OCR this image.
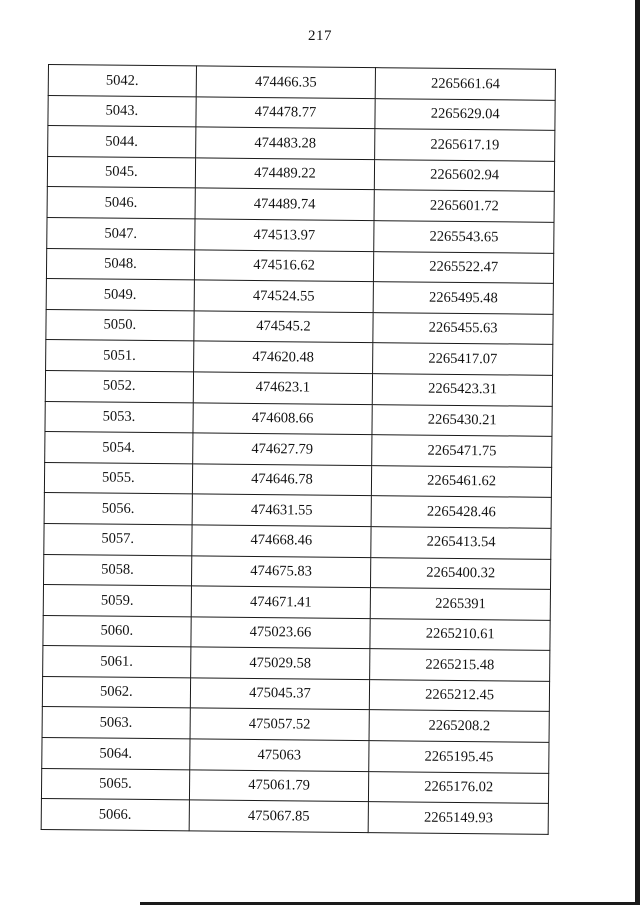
217
5042.	474466.35	2265661.64
5043.	474478.77	2265629.04
5044.	474483.28	2265617.19
5045.	474489.22	2265602.94
5046.	474489.74	2265601.72
5047.	474513.97	2265543.65
5048.	474516.62	2265522.47
5049.	474524.55	2265495.48
5050.	474545.2	2265455.63
5051.	474620.48	2265417.07
5052.	474623.1	2265423.31
5053.	474608.66	2265430.21
5054.	474627.79	2265471.75
5055.	474646.78	2265461.62
5056.	474631.55	2265428.46
5057.	474668.46	2265413.54
5058.	474675.83	2265400.32
5059.	474671.41	2265391
5060.	475023.66	2265210.61
5061.	475029.58	2265215.48
5062.	475045.37	2265212.45
5063.	475057.52	2265208.2
5064.	475063	2265195.45
5065.	475061.79	2265176.02
5066.	475067.85	2265149.93
